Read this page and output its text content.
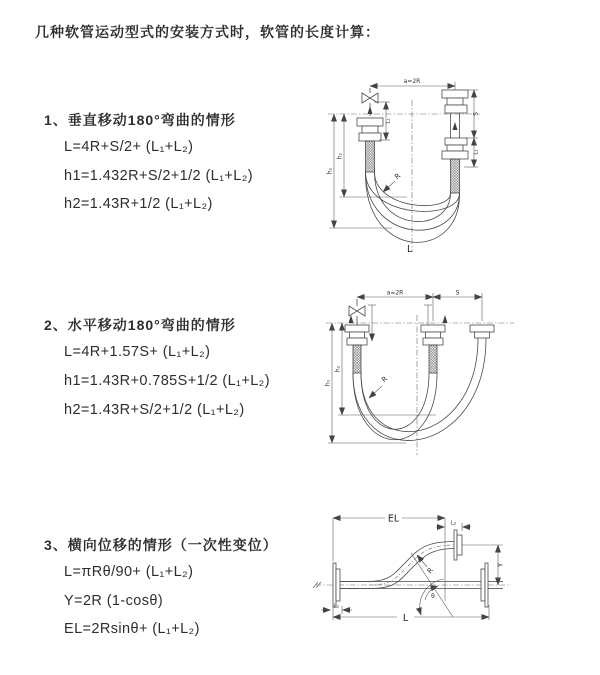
几种软管运动型式的安装方式时，软管的长度计算：
1、垂直移动180°弯曲的情形
L=4R+S/2+ (L₁+L₂)
h1=1.432R+S/2+1/2 (L₁+L₂)
h2=1.43R+1/2 (L₁+L₂)
2、水平移动180°弯曲的情形
L=4R+1.57S+ (L₁+L₂)
h1=1.43R+0.785S+1/2 (L₁+L₂)
h2=1.43R+S/2+1/2 (L₁+L₂)
3、横向位移的情形（一次性变位）
L=πRθ/90+ (L₁+L₂)
Y=2R (1-cosθ)
EL=2Rsinθ+ (L₁+L₂)
a=2R
R
h₁
h₂
S
L₁
L₁
L
a=2R	S
R
h₁
h₂
EL	L₂
R
θ
Y
L₁
L
